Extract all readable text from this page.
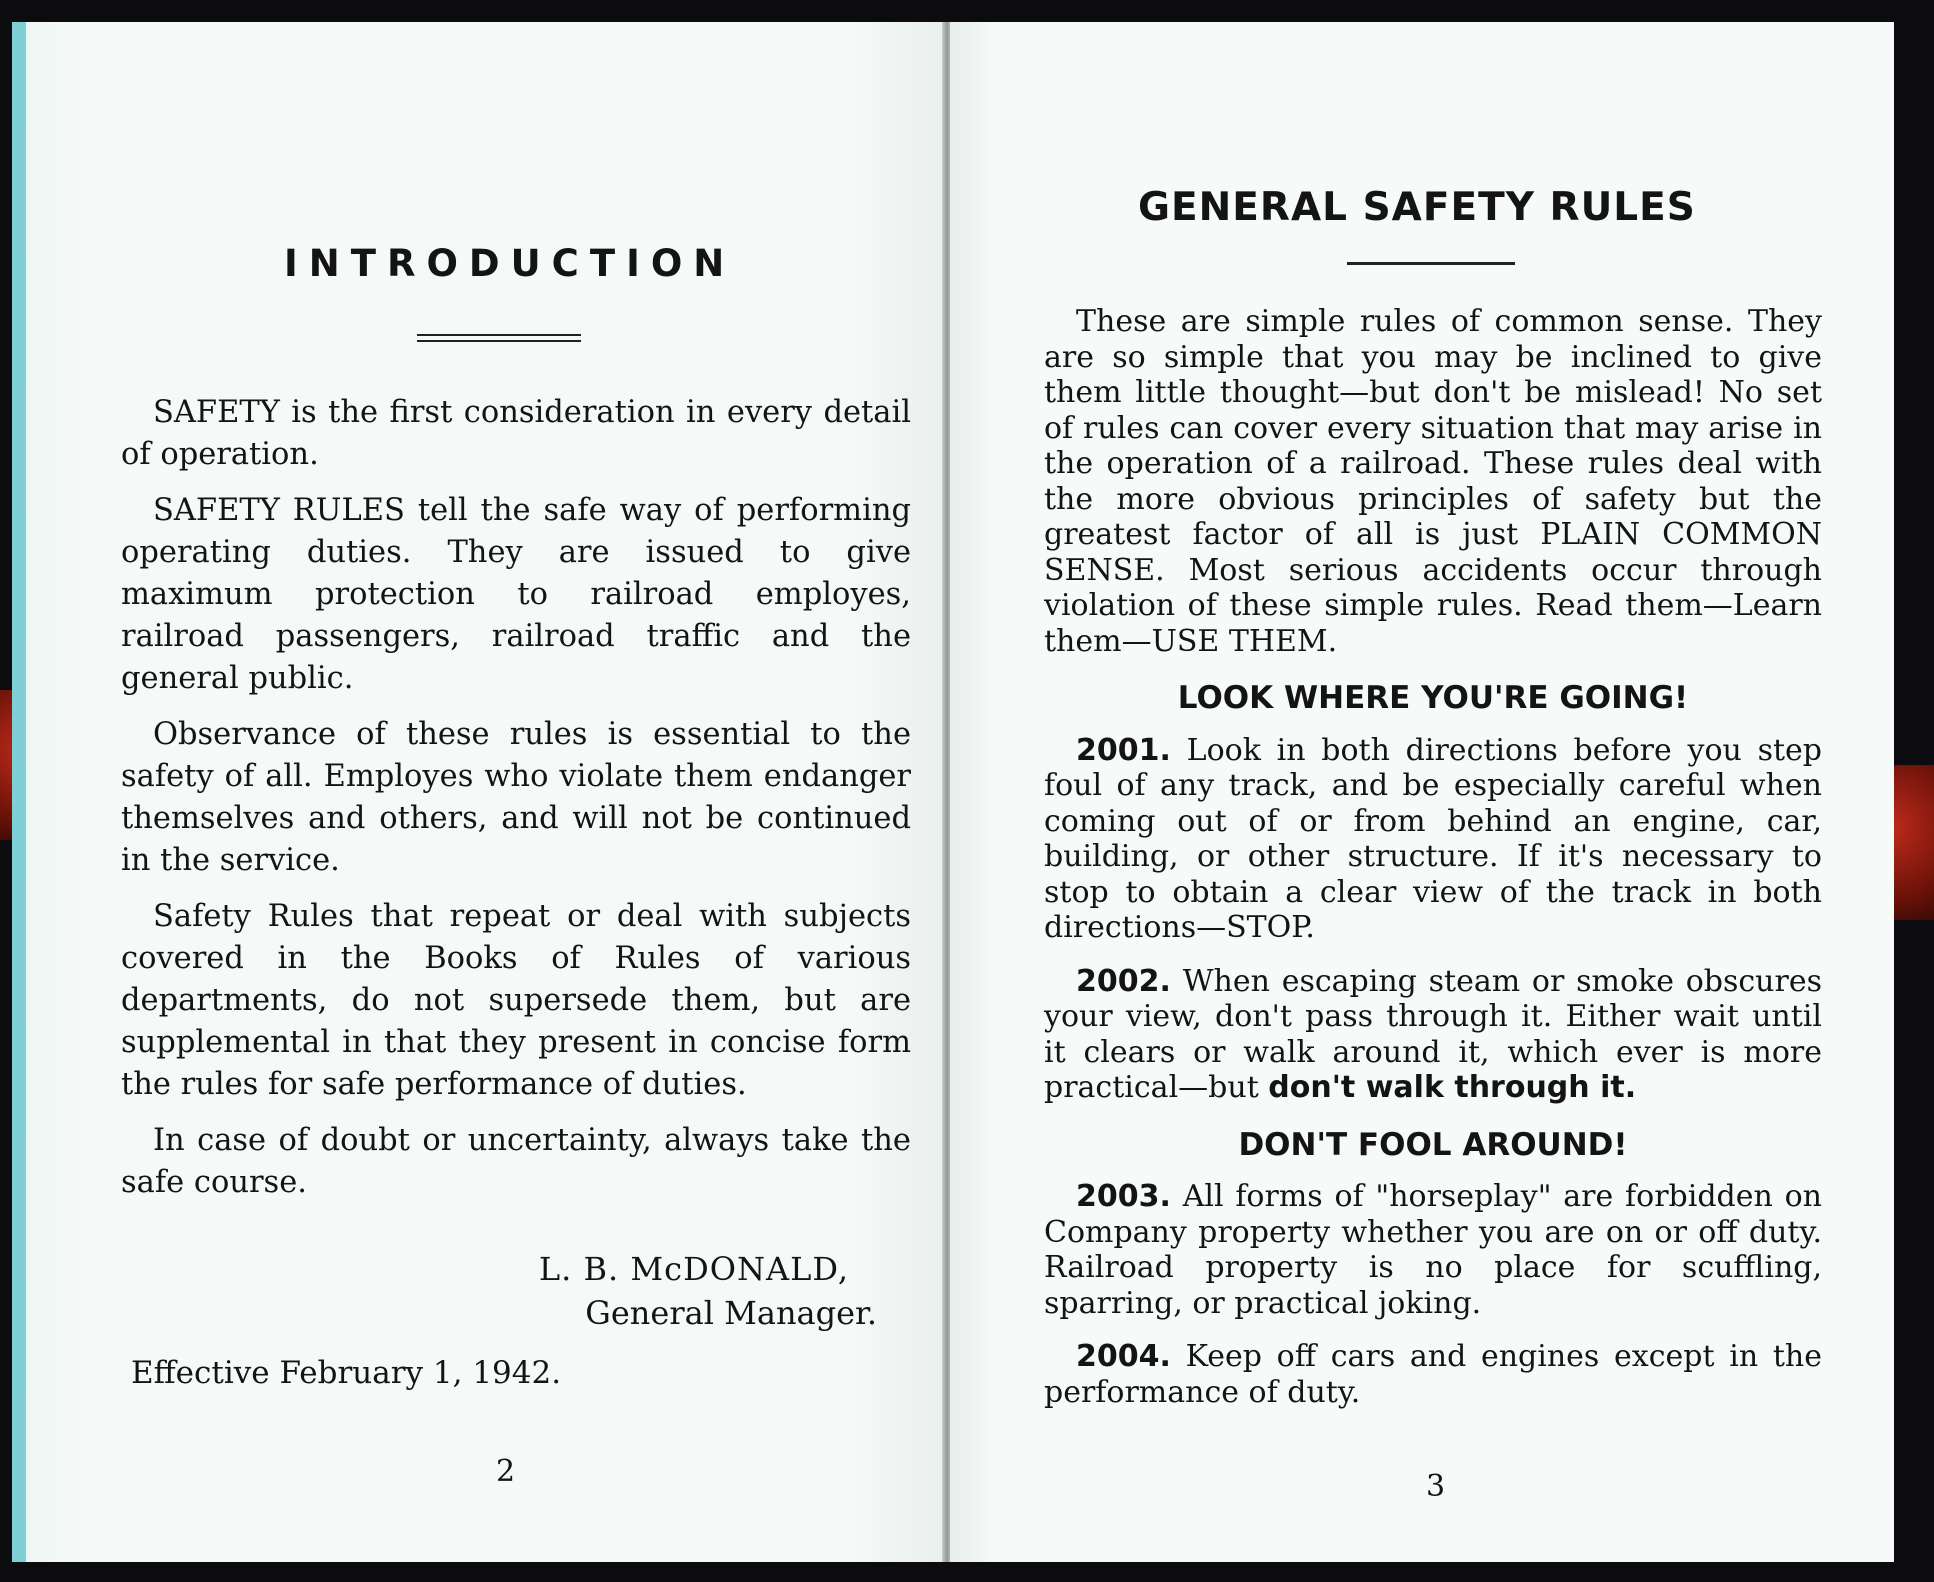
INTRODUCTION

SAFETY is the first consideration in every detail of operation.

SAFETY RULES tell the safe way of performing operating duties. They are issued to give maximum protection to railroad employes, railroad passengers, railroad traffic and the general public.

Observance of these rules is essential to the safety of all. Employes who violate them endanger themselves and others, and will not be continued in the service.

Safety Rules that repeat or deal with subjects covered in the Books of Rules of various departments, do not supersede them, but are supplemental in that they present in concise form the rules for safe performance of duties.

In case of doubt or uncertainty, always take the safe course.

L. B. McDONALD,
General Manager.
Effective February 1, 1942.
2
GENERAL SAFETY RULES

These are simple rules of common sense. They are so simple that you may be inclined to give them little thought—but don't be mislead! No set of rules can cover every situation that may arise in the operation of a railroad. These rules deal with the more obvious principles of safety but the greatest factor of all is just PLAIN COMMON SENSE. Most serious accidents occur through violation of these simple rules. Read them—Learn them—USE THEM.

LOOK WHERE YOU'RE GOING!

2001. Look in both directions before you step foul of any track, and be especially careful when coming out of or from behind an engine, car, building, or other structure. If it's necessary to stop to obtain a clear view of the track in both directions—STOP.

2002. When escaping steam or smoke obscures your view, don't pass through it. Either wait until it clears or walk around it, which ever is more practical—but don't walk through it.

DON'T FOOL AROUND!

2003. All forms of "horseplay" are forbidden on Company property whether you are on or off duty. Railroad property is no place for scuffling, sparring, or practical joking.

2004. Keep off cars and engines except in the performance of duty.

3
